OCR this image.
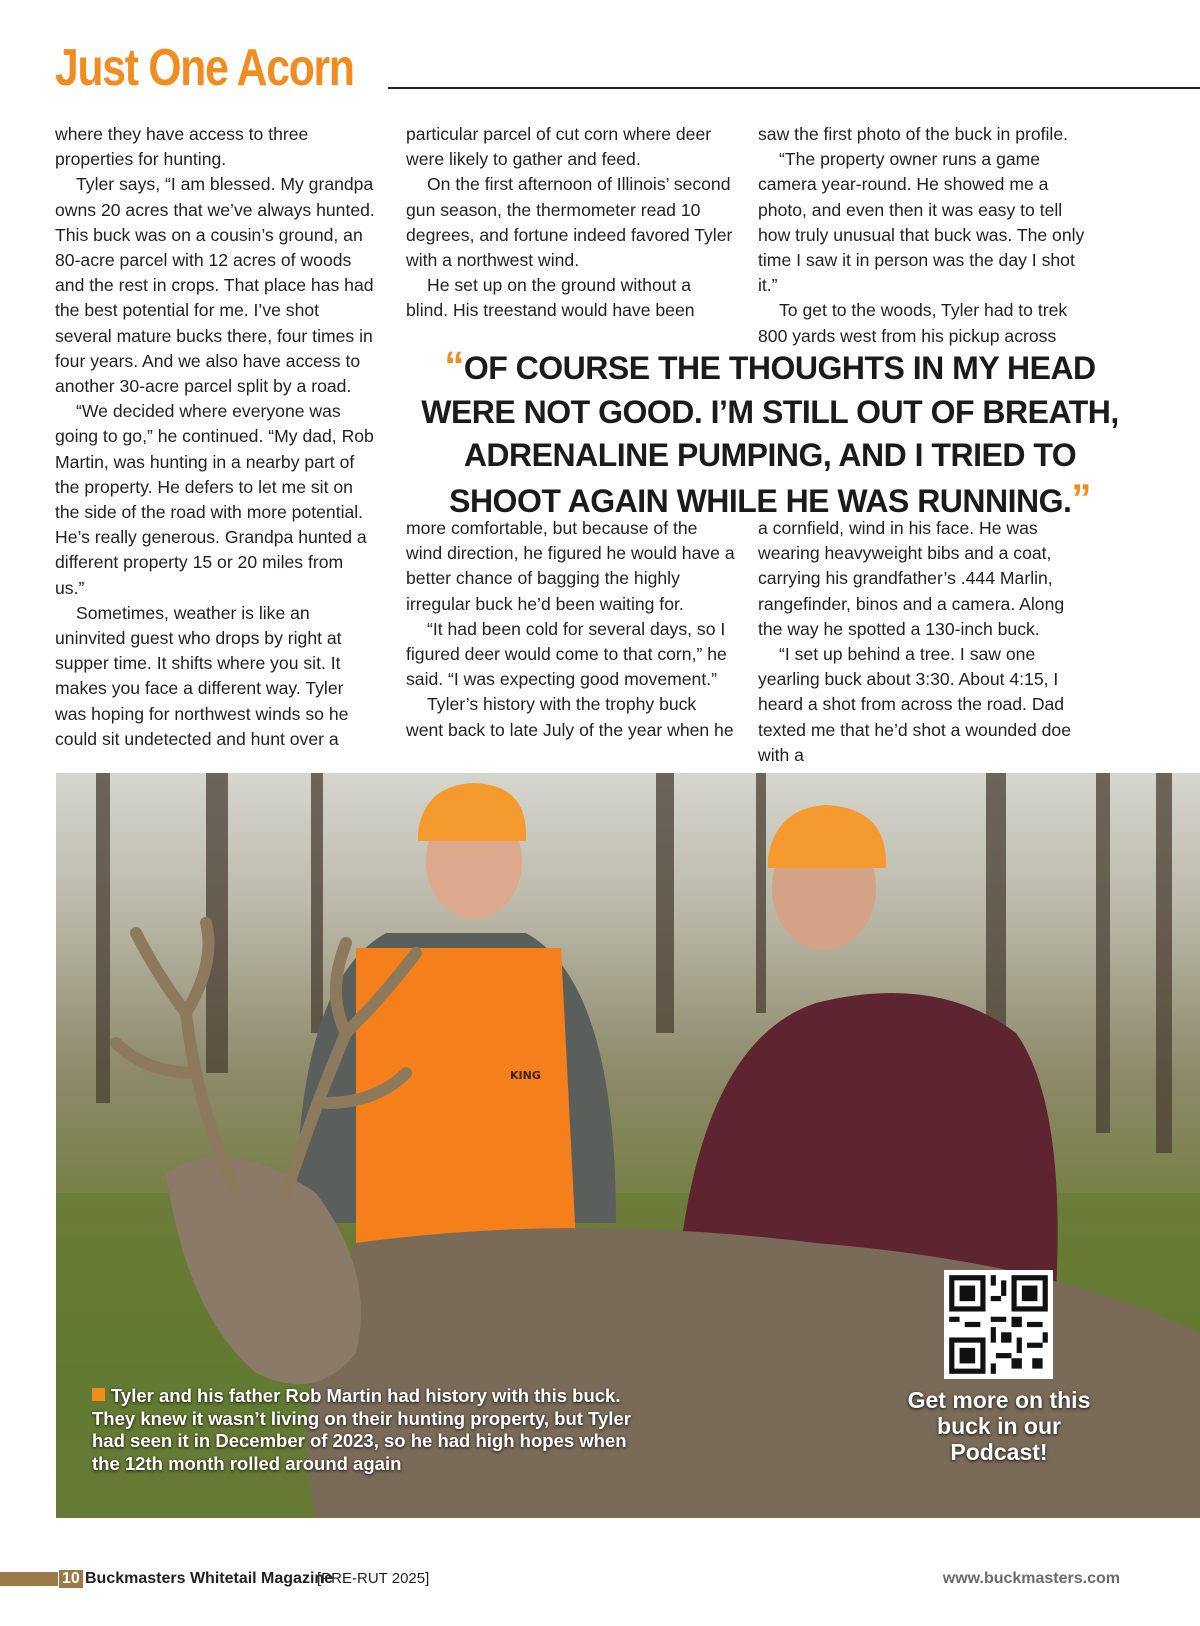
Just One Acorn

where they have access to three properties for hunting.

Tyler says, “I am blessed. My grandpa owns 20 acres that we’ve always hunted. This buck was on a cousin’s ground, an 80-acre parcel with 12 acres of woods and the rest in crops. That place has had the best potential for me. I’ve shot several mature bucks there, four times in four years. And we also have access to another 30-acre parcel split by a road.

“We decided where everyone was going to go,” he continued. “My dad, Rob Martin, was hunting in a nearby part of the property. He defers to let me sit on the side of the road with more potential. He’s really generous. Grandpa hunted a different property 15 or 20 miles from us.”

Sometimes, weather is like an uninvited guest who drops by right at supper time. It shifts where you sit. It makes you face a different way. Tyler was hoping for northwest winds so he could sit undetected and hunt over a

particular parcel of cut corn where deer were likely to gather and feed.

On the first afternoon of Illinois’ second gun season, the thermometer read 10 degrees, and fortune indeed favored Tyler with a northwest wind.

He set up on the ground without a blind. His treestand would have been

saw the first photo of the buck in profile.

“The property owner runs a game camera year-round. He showed me a photo, and even then it was easy to tell how truly unusual that buck was. The only time I saw it in person was the day I shot it.”

To get to the woods, Tyler had to trek 800 yards west from his pickup across

“OF COURSE THE THOUGHTS IN MY HEAD WERE NOT GOOD. I’M STILL OUT OF BREATH, ADRENALINE PUMPING, AND I TRIED TO SHOOT AGAIN WHILE HE WAS RUNNING.”

more comfortable, but because of the wind direction, he figured he would have a better chance of bagging the highly irregular buck he’d been waiting for.

“It had been cold for several days, so I figured deer would come to that corn,” he said. “I was expecting good movement.”

Tyler’s history with the trophy buck went back to late July of the year when he

a cornfield, wind in his face. He was wearing heavyweight bibs and a coat, carrying his grandfather’s .444 Marlin, rangefinder, binos and a camera. Along the way he spotted a 130-inch buck.

“I set up behind a tree. I saw one yearling buck about 3:30. About 4:15, I heard a shot from across the road. Dad texted me that he’d shot a wounded doe with a

KING
Tyler and his father Rob Martin had history with this buck. They knew it wasn’t living on their hunting property, but Tyler had seen it in December of 2023, so he had high hopes when the 12th month rolled around again
Get more on this buck in our Podcast!
10 Buckmasters Whitetail Magazine
[PRE-RUT 2025]	www.buckmasters.com
